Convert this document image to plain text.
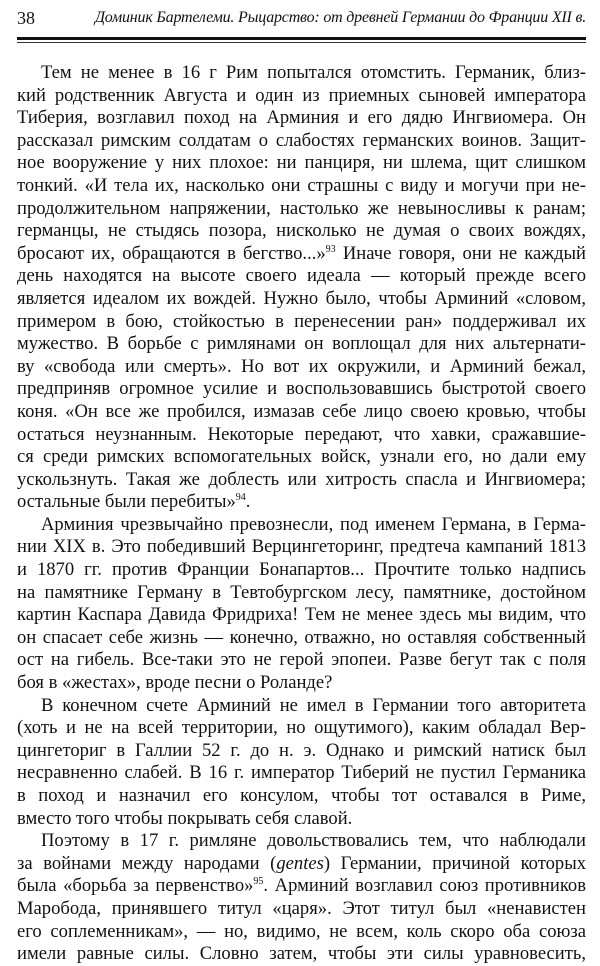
38	Доминик Бартелеми. Рыцарство: от древней Германии до Франции XII в.
Тем не менее в 16 г Рим попытался отомстить. Германик, близ-
кий родственник Августа и один из приемных сыновей императора
Тиберия, возглавил поход на Арминия и его дядю Ингвиомера. Он
рассказал римским солдатам о слабостях германских воинов. Защит-
ное вооружение у них плохое: ни панциря, ни шлема, щит слишком
тонкий. «И тела их, насколько они страшны с виду и могучи при не-
продолжительном напряжении, настолько же невыносливы к ранам;
германцы, не стыдясь позора, нисколько не думая о своих вождях,
бросают их, обращаются в бегство...»$^{93}$ Иначе говоря, они не каждый
день находятся на высоте своего идеала — который прежде всего
является идеалом их вождей. Нужно было, чтобы Арминий «словом,
примером в бою, стойкостью в перенесении ран» поддерживал их
мужество. В борьбе с римлянами он воплощал для них альтернати-
ву «свобода или смерть». Но вот их окружили, и Арминий бежал,
предприняв огромное усилие и воспользовавшись быстротой своего
коня. «Он все же пробился, измазав себе лицо своею кровью, чтобы
остаться неузнанным. Некоторые передают, что хавки, сражавшие-
ся среди римских вспомогательных войск, узнали его, но дали ему
ускользнуть. Такая же доблесть или хитрость спасла и Ингвиомера;
остальные были перебиты»$^{94}$.
Арминия чрезвычайно превознесли, под именем Германа, в Герма-
нии XIX в. Это победивший Верцингеторинг, предтеча кампаний 1813
и 1870 гг. против Франции Бонапартов... Прочтите только надпись
на памятнике Герману в Тевтобургском лесу, памятнике, достойном
картин Каспара Давида Фридриха! Тем не менее здесь мы видим, что
он спасает себе жизнь — конечно, отважно, но оставляя собственный
ост на гибель. Все-таки это не герой эпопеи. Разве бегут так с поля
боя в «жестах», вроде песни о Роланде?
В конечном счете Арминий не имел в Германии того авторитета
(хоть и не на всей территории, но ощутимого), каким обладал Вер-
цингеториг в Галлии 52 г. до н. э. Однако и римский натиск был
несравненно слабей. В 16 г. император Тиберий не пустил Германика
в поход и назначил его консулом, чтобы тот оставался в Риме,
вместо того чтобы покрывать себя славой.
Поэтому в 17 г. римляне довольствовались тем, что наблюдали
за войнами между народами (gentes) Германии, причиной которых
была «борьба за первенство»$^{95}$. Арминий возглавил союз противников
Маробода, принявшего титул «царя». Этот титул был «ненавистен
его соплеменникам», — но, видимо, не всем, коль скоро оба союза
имели равные силы. Словно затем, чтобы эти силы уравновесить,
